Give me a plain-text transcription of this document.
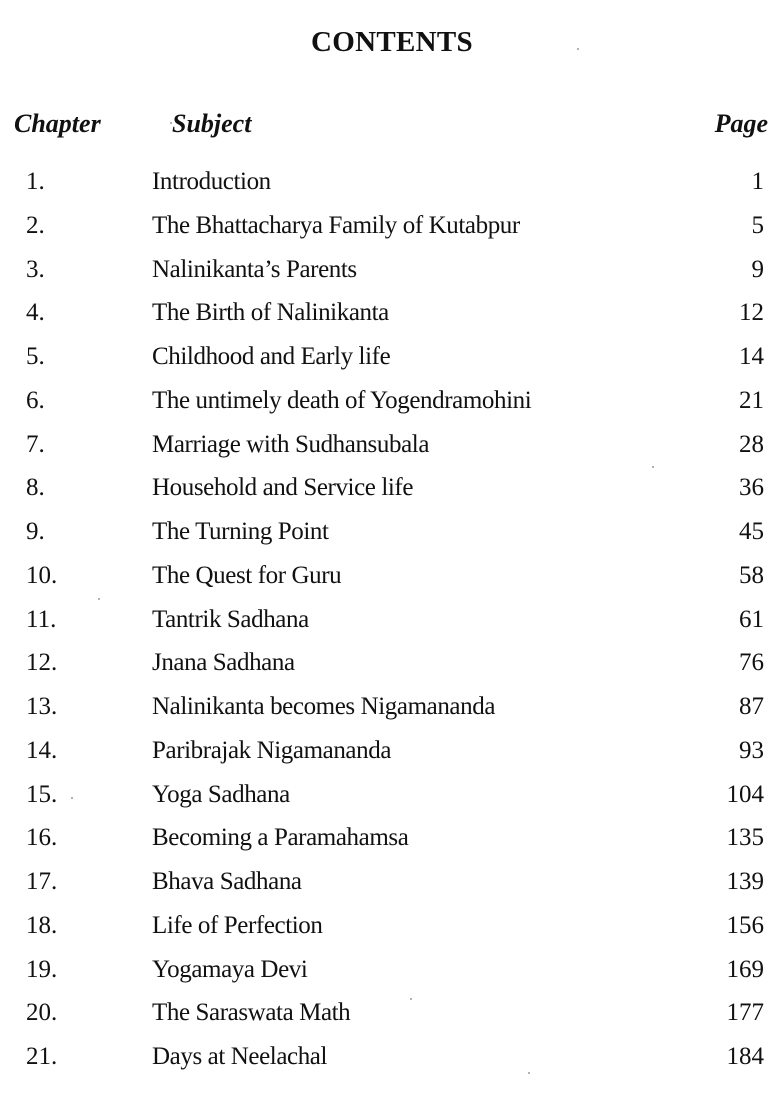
CONTENTS
Chapter	Subject	Page
1.	Introduction	1
2.	The Bhattacharya Family of Kutabpur	5
3.	Nalinikanta’s Parents	9
4.	The Birth of Nalinikanta	12
5.	Childhood and Early life	14
6.	The untimely death of Yogendramohini	21
7.	Marriage with Sudhansubala	28
8.	Household and Service life	36
9.	The Turning Point	45
10.	The Quest for Guru	58
11.	Tantrik Sadhana	61
12.	Jnana Sadhana	76
13.	Nalinikanta becomes Nigamananda	87
14.	Paribrajak Nigamananda	93
15.	Yoga Sadhana	104
16.	Becoming a Paramahamsa	135
17.	Bhava Sadhana	139
18.	Life of Perfection	156
19.	Yogamaya Devi	169
20.	The Saraswata Math	177
21.	Days at Neelachal	184
